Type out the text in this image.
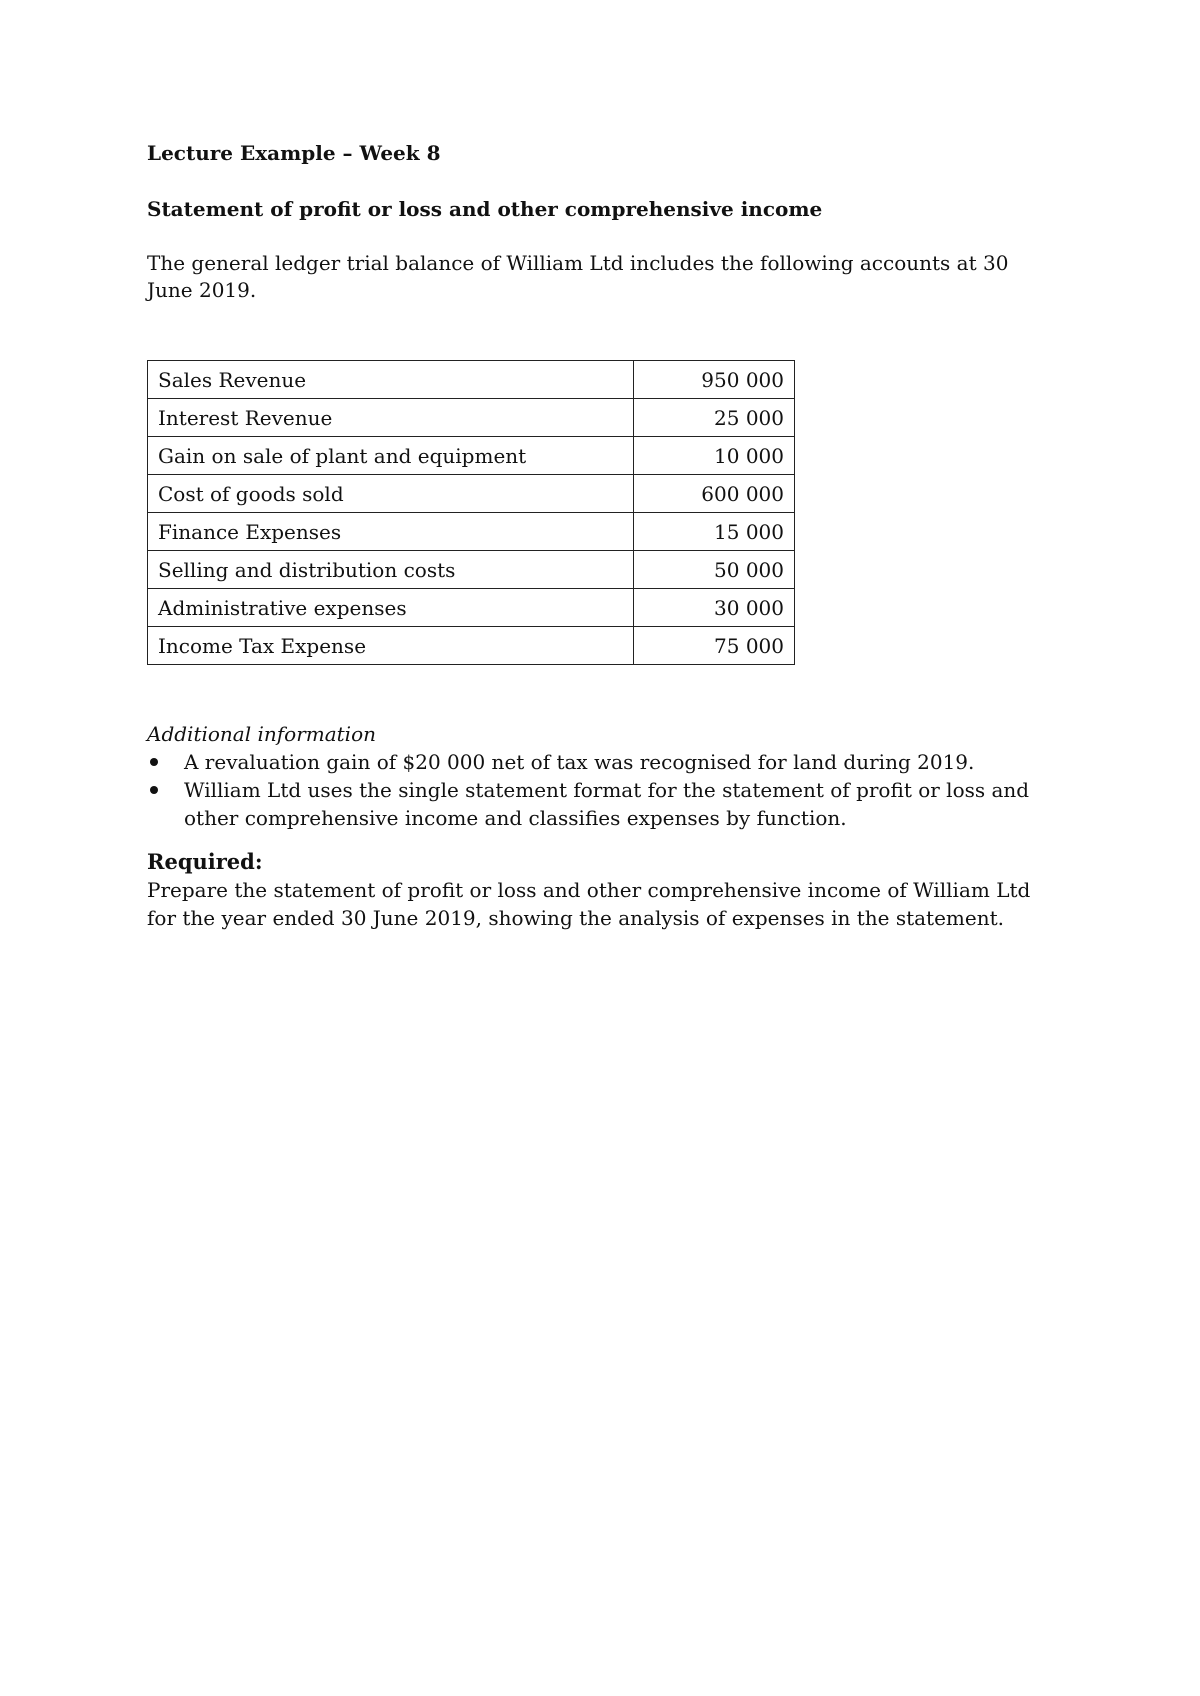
Lecture Example – Week 8

Statement of profit or loss and other comprehensive income

The general ledger trial balance of William Ltd includes the following accounts at 30 June 2019.

Sales Revenue	950 000
Interest Revenue	25 000
Gain on sale of plant and equipment	10 000
Cost of goods sold	600 000
Finance Expenses	15 000
Selling and distribution costs	50 000
Administrative expenses	30 000
Income Tax Expense	75 000

Additional information

A revaluation gain of $20 000 net of tax was recognised for land during 2019.
William Ltd uses the single statement format for the statement of profit or loss and other comprehensive income and classifies expenses by function.

Required:

Prepare the statement of profit or loss and other comprehensive income of William Ltd for the year ended 30 June 2019, showing the analysis of expenses in the statement.
